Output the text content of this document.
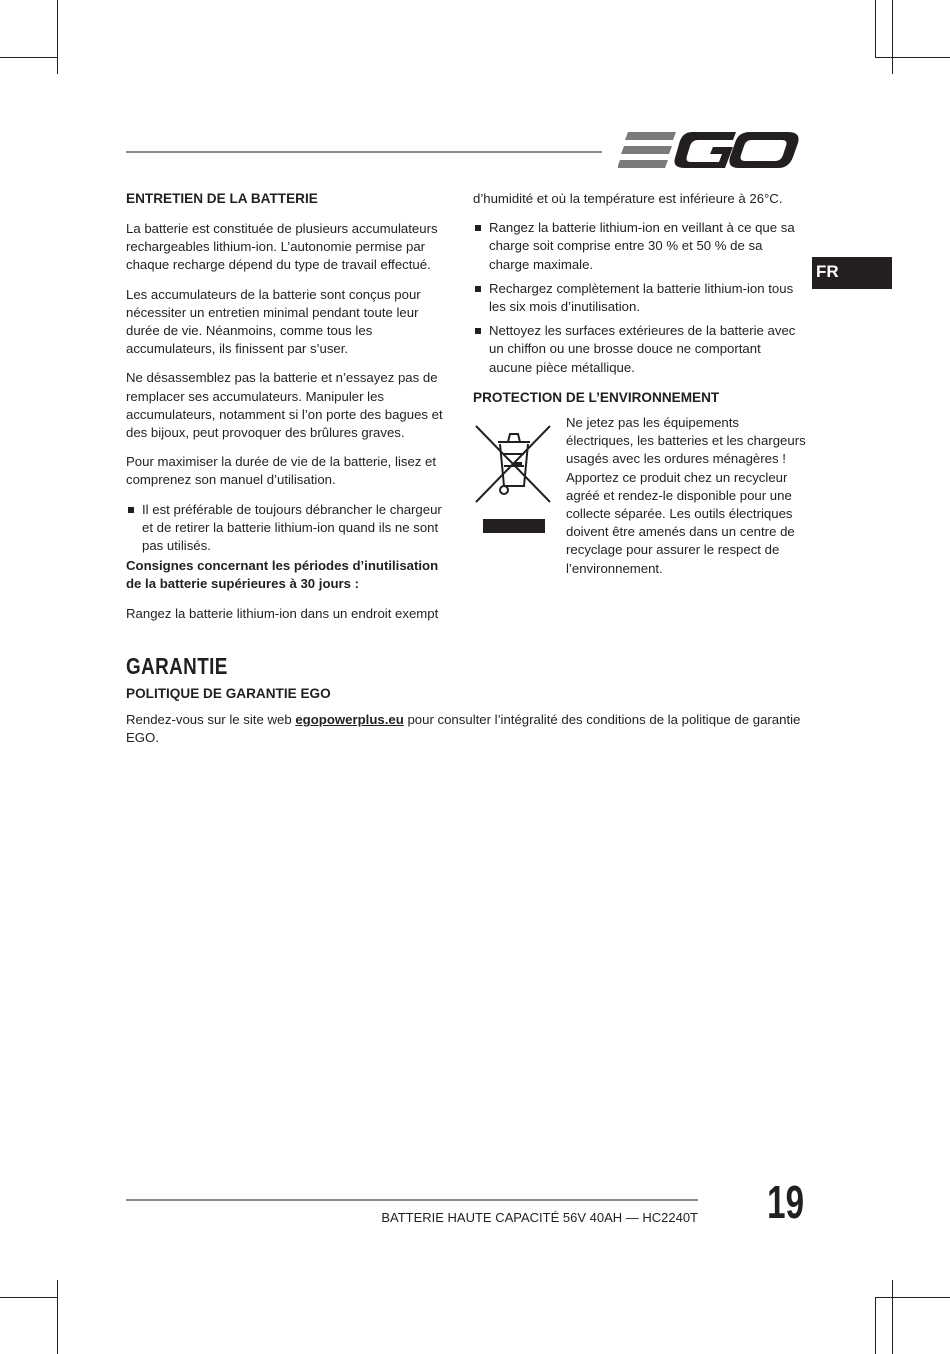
FR

ENTRETIEN DE LA BATTERIE

La batterie est constituée de plusieurs accumulateurs rechargeables lithium-ion. L’autonomie permise par chaque recharge dépend du type de travail effectué.

Les accumulateurs de la batterie sont conçus pour nécessiter un entretien minimal pendant toute leur durée de vie. Néanmoins, comme tous les accumulateurs, ils finissent par s’user.

Ne désassemblez pas la batterie et n’essayez pas de remplacer ses accumulateurs. Manipuler les accumulateurs, notamment si l’on porte des bagues et des bijoux, peut provoquer des brûlures graves.

Pour maximiser la durée de vie de la batterie, lisez et comprenez son manuel d’utilisation.

Il est préférable de toujours débrancher le chargeur et de retirer la batterie lithium-ion quand ils ne sont pas utilisés.

Consignes concernant les périodes d’inutilisation de la batterie supérieures à 30 jours :

Rangez la batterie lithium-ion dans un endroit exempt

d’humidité et où la température est inférieure à 26°C.

Rangez la batterie lithium-ion en veillant à ce que sa charge soit comprise entre 30 % et 50 % de sa charge maximale.
Rechargez complètement la batterie lithium-ion tous les six mois d’inutilisation.
Nettoyez les surfaces extérieures de la batterie avec un chiffon ou une brosse douce ne comportant aucune pièce métallique.

PROTECTION DE L’ENVIRONNEMENT

Ne jetez pas les équipements électriques, les batteries et les chargeurs usagés avec les ordures ménagères ! Apportez ce produit chez un recycleur agréé et rendez-le disponible pour une collecte séparée. Les outils électriques doivent être amenés dans un centre de recyclage pour assurer le respect de l’environnement.

GARANTIE

POLITIQUE DE GARANTIE EGO

Rendez-vous sur le site web egopowerplus.eu pour consulter l’intégralité des conditions de la politique de garantie EGO.

BATTERIE HAUTE CAPACITÉ 56V 40AH — HC2240T 19
